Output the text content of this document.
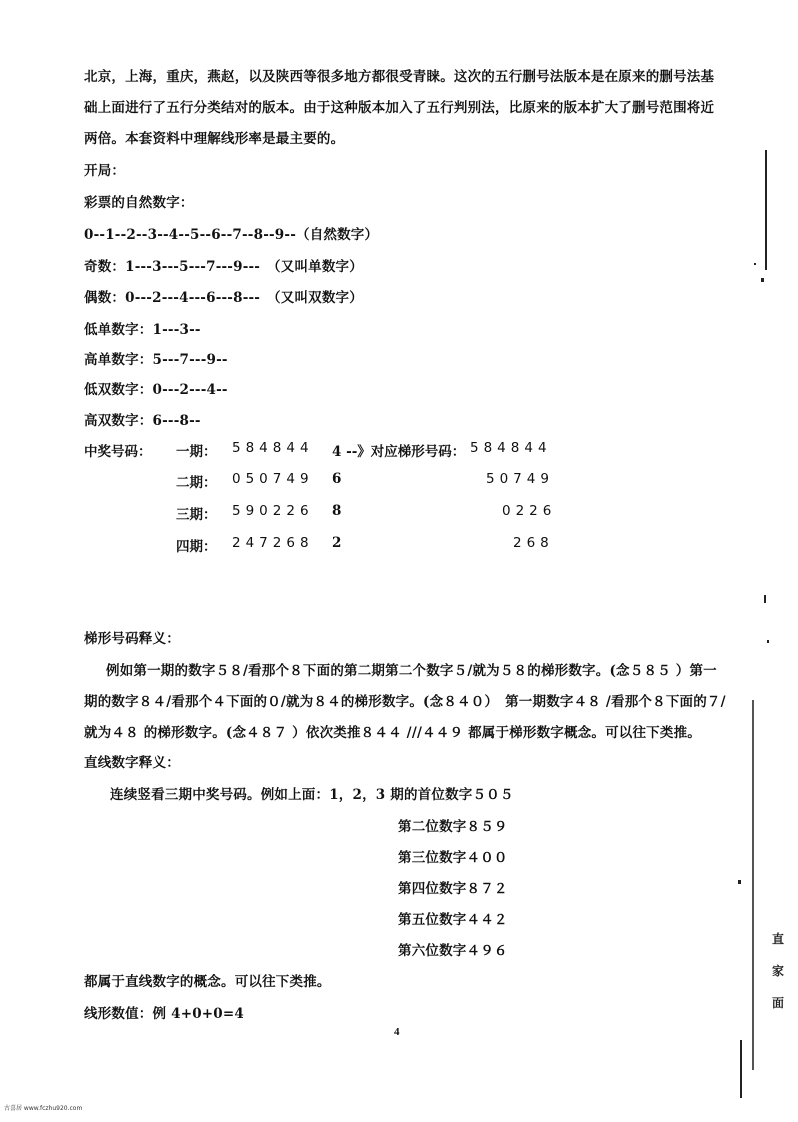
北京，上海，重庆，燕赵，以及陕西等很多地方都很受青睐。这次的五行删号法版本是在原来的删号法基
础上面进行了五行分类结对的版本。由于这种版本加入了五行判别法，比原来的版本扩大了删号范围将近
两倍。本套资料中理解线形率是最主要的。
开局：
彩票的自然数字：
0--1--2--3--4--5--6--7--8--9--（自然数字）
奇数：1---3---5---7---9---　（又叫单数字）
偶数：0---2---4---6---8---　（又叫双数字）
低单数字：1---3--
高单数字：5---7---9--
低双数字：0---2---4--
高双数字：6---8--
中奖号码： 一期： 584844 4 --》对应梯形号码： 584844
二期： 050749 6	50749
三期： 590226 8	0226
四期： 247268 2	268
梯形号码释义：
例如第一期的数字５８/看那个８下面的第二期第二个数字５/就为５８的梯形数字。(念５８５ ）第一
期的数字８４/看那个４下面的０/就为８４的梯形数字。(念８４０）　第一期数字４８ /看那个８下面的７/
就为４８ 的梯形数字。(念４８７ ）依次类推８４４ ///４４９ 都属于梯形数字概念。可以往下类推。
直线数字释义：
连续竖看三期中奖号码。例如上面：1，2，3 期的首位数字５０５
第二位数字８５９
第三位数字４００
第四位数字８７２
第五位数字４４２
第六位数字４９６
都属于直线数字的概念。可以往下类推。
线形数值：例 4+0+0=4
4
古喜居 www.fczhu920.com
直
家
面
